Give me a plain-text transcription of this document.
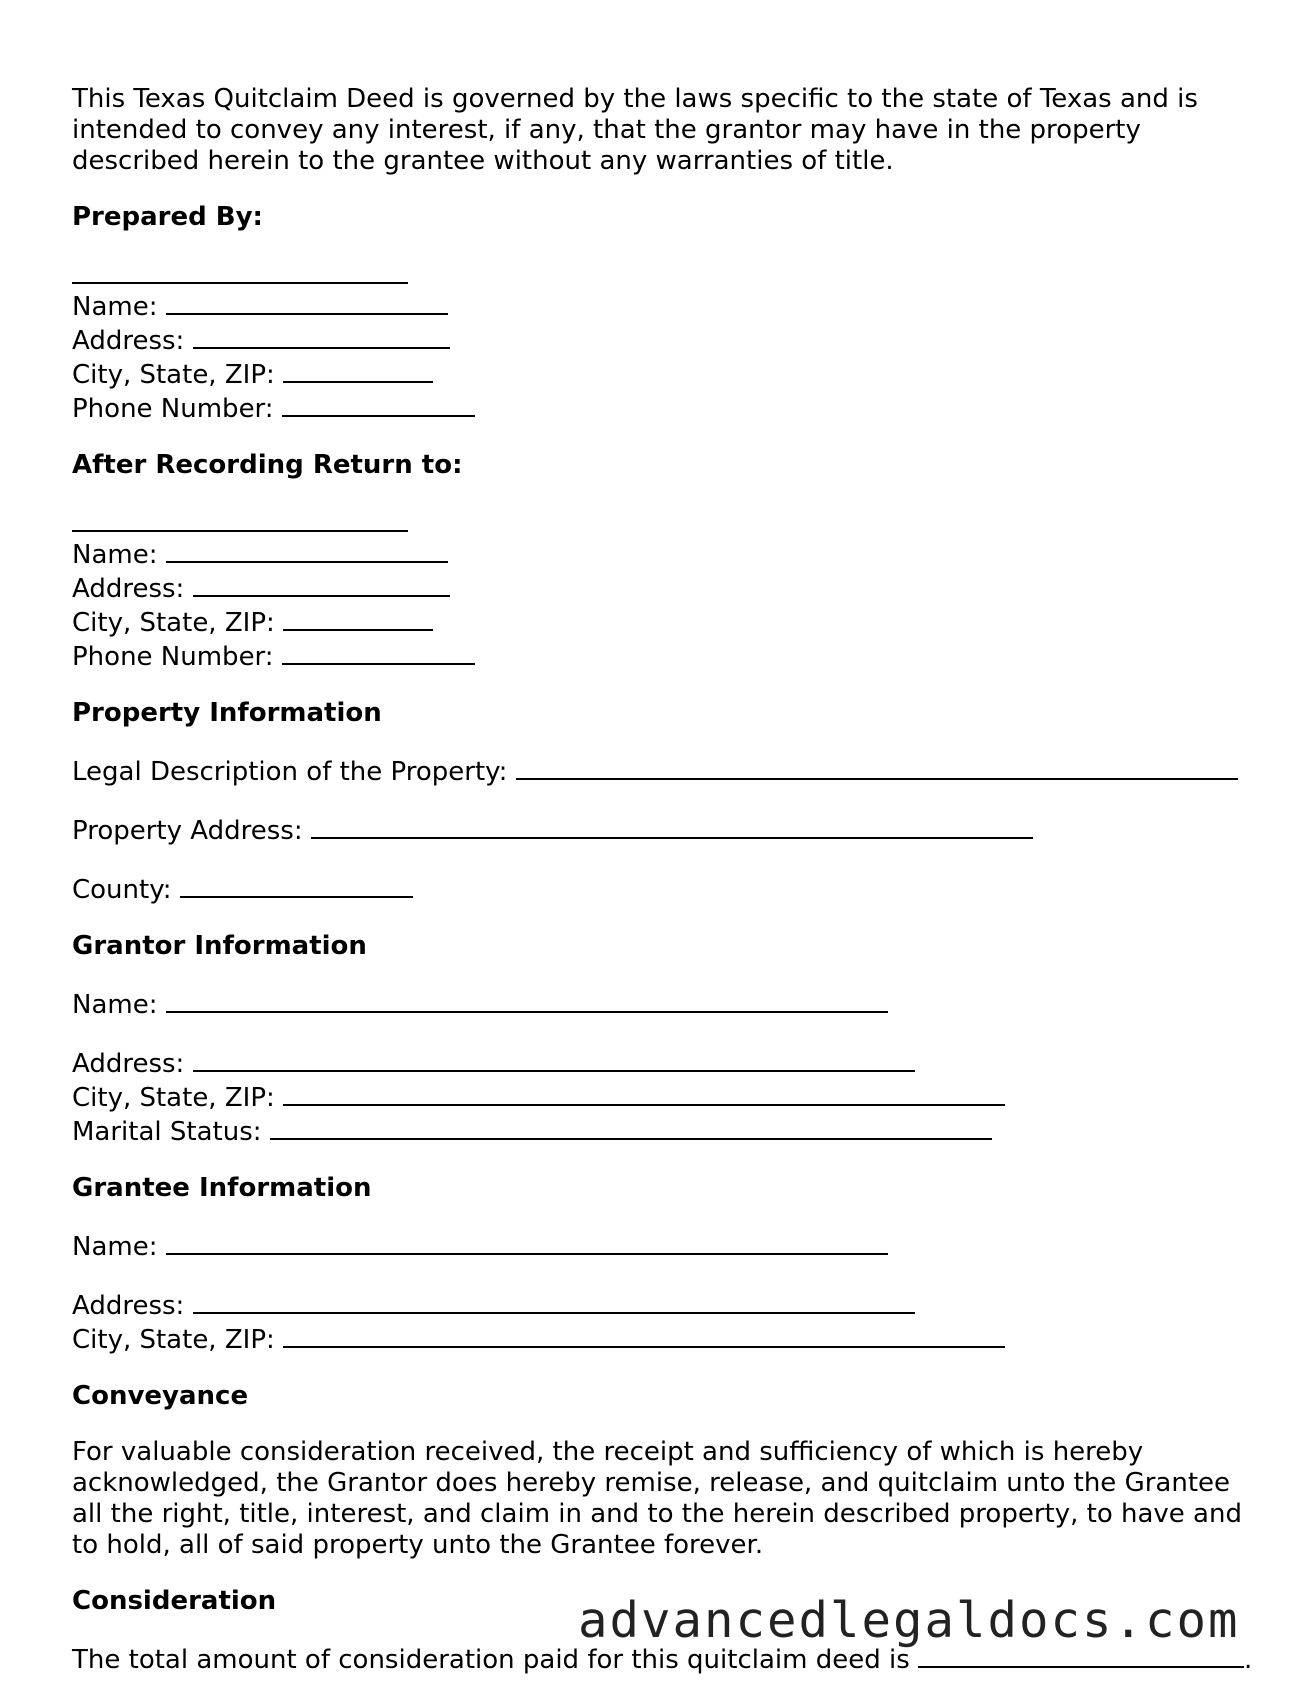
This Texas Quitclaim Deed is governed by the laws specific to the state of Texas and is intended to convey any interest, if any, that the grantor may have in the property described herein to the grantee without any warranties of title.

Prepared By:
Name:
Address:
City, State, ZIP:
Phone Number:
After Recording Return to:
Name:
Address:
City, State, ZIP:
Phone Number:
Property Information
Legal Description of the Property:
Property Address:
County:
Grantor Information
Name:
Address:
City, State, ZIP:
Marital Status:
Grantee Information
Name:
Address:
City, State, ZIP:
Conveyance

For valuable consideration received, the receipt and sufficiency of which is hereby acknowledged, the Grantor does hereby remise, release, and quitclaim unto the Grantee all the right, title, interest, and claim in and to the herein described property, to have and to hold, all of said property unto the Grantee forever.

Consideration
The total amount of consideration paid for this quitclaim deed is	.
advancedlegaldocs.com
